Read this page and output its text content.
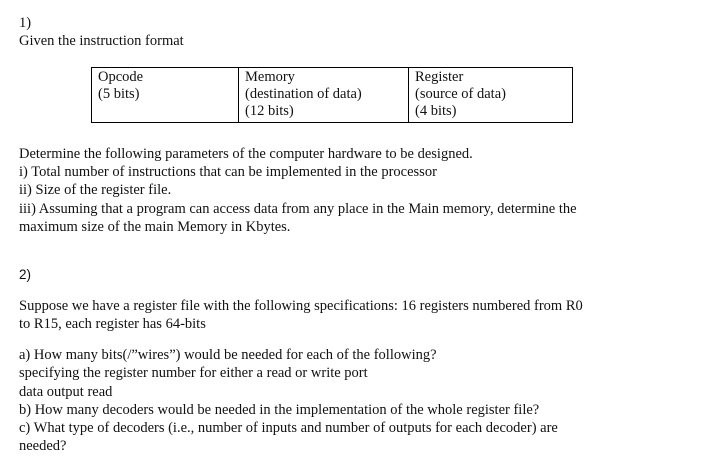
1)
Given the instruction format
Opcode
(5 bits)
Memory
(destination of data)
(12 bits)
Register
(source of data)
(4 bits)
Determine the following parameters of the computer hardware to be designed.
i) Total number of instructions that can be implemented in the processor
ii) Size of the register file.
iii) Assuming that a program can access data from any place in the Main memory, determine the
maximum size of the main Memory in Kbytes.
2)
Suppose we have a register file with the following specifications: 16 registers numbered from R0
to R15, each register has 64-bits
a) How many bits(/”wires”) would be needed for each of the following?
specifying the register number for either a read or write port
data output read
b) How many decoders would be needed in the implementation of the whole register file?
c) What type of decoders (i.e., number of inputs and number of outputs for each decoder) are
needed?
